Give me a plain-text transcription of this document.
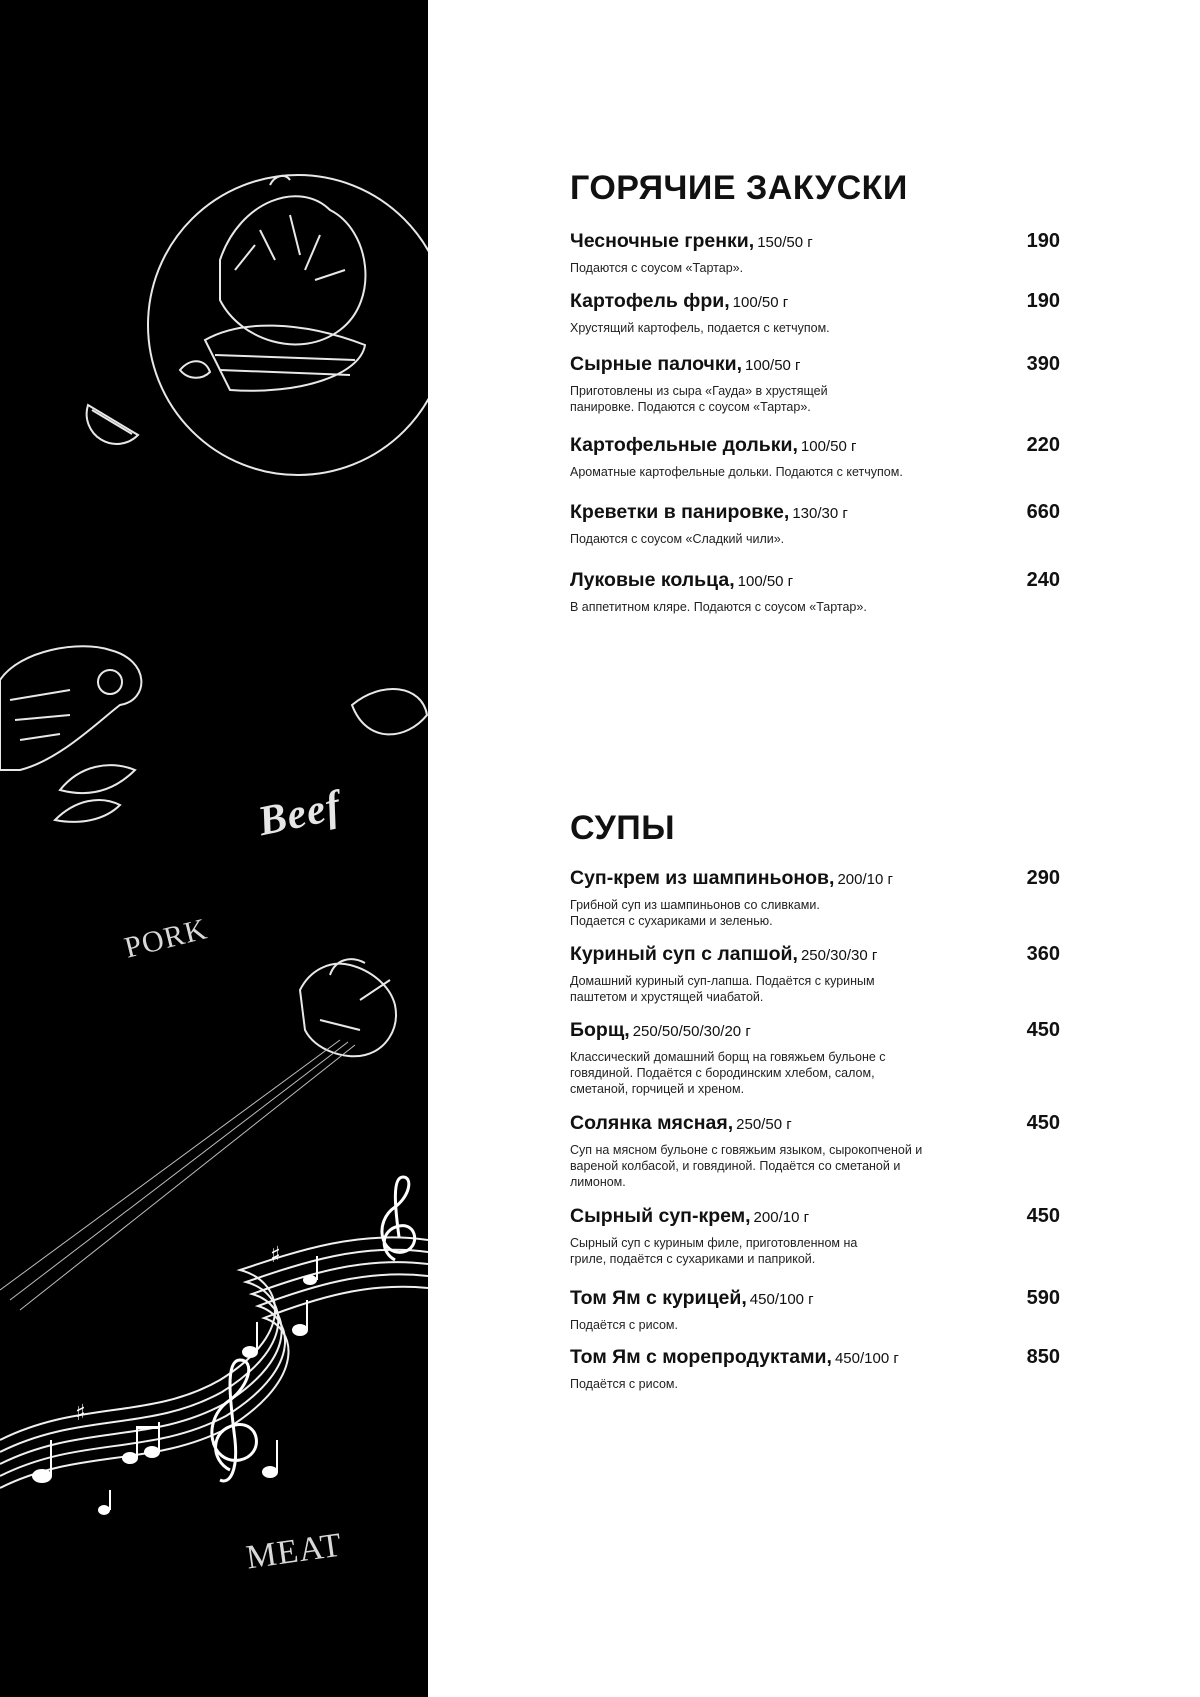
♯
♯
Beef
PORK
MEAT
ГОРЯЧИЕ ЗАКУСКИ
Чесночные гренки, 150/50 г	190
Подаются с соусом «Тартар».
Картофель фри, 100/50 г	190
Хрустящий картофель, подается с кетчупом.
Сырные палочки, 100/50 г	390
Приготовлены из сыра «Гауда» в хрустящей панировке. Подаются с соусом «Тартар».
Картофельные дольки, 100/50 г	220
Ароматные картофельные дольки. Подаются с кетчупом.
Креветки в панировке, 130/30 г	660
Подаются с соусом «Сладкий чили».
Луковые кольца, 100/50 г	240
В аппетитном кляре. Подаются с соусом «Тартар».
СУПЫ
Суп-крем из шампиньонов, 200/10 г	290
Грибной суп из шампиньонов со сливками. Подается с сухариками и зеленью.
Куриный суп с лапшой, 250/30/30 г	360
Домашний куриный суп-лапша. Подаётся с куриным паштетом и хрустящей чиабатой.
Борщ, 250/50/50/30/20 г	450
Классический домашний борщ на говяжьем бульоне с говядиной. Подаётся с бородинским хлебом, салом, сметаной, горчицей и хреном.
Солянка мясная, 250/50 г	450
Суп на мясном бульоне с говяжьим языком, сырокопченой и вареной колбасой, и говядиной. Подаётся со сметаной и лимоном.
Сырный суп-крем, 200/10 г	450
Сырный суп с куриным филе, приготовленном на гриле, подаётся с сухариками и паприкой.
Том Ям с курицей, 450/100 г	590
Подаётся с рисом.
Том Ям с морепродуктами, 450/100 г	850
Подаётся с рисом.
